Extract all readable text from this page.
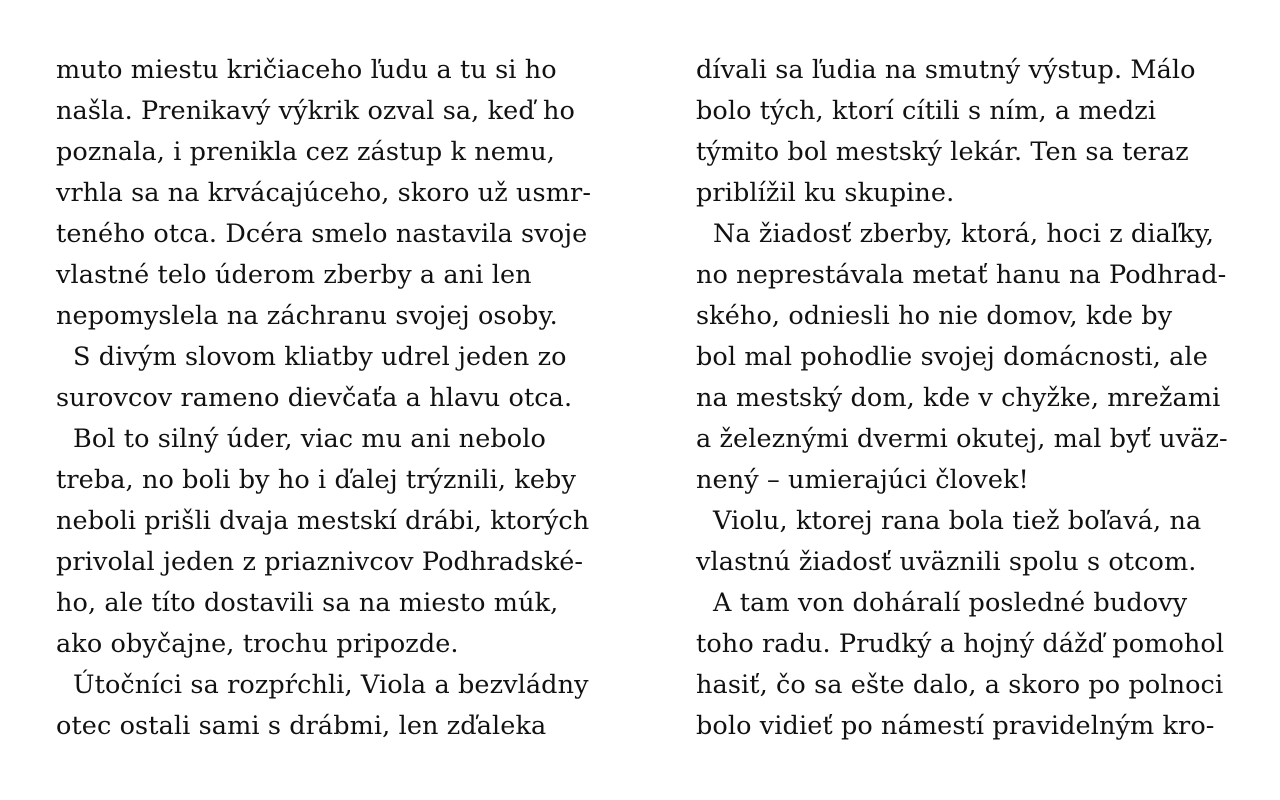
muto miestu kričiaceho ľudu a tu si ho
našla. Prenikavý výkrik ozval sa, keď ho
poznala, i prenikla cez zástup k nemu,
vrhla sa na krvácajúceho, skoro už usmr-
teného otca. Dcéra smelo nastavila svoje
vlastné telo úderom zberby a ani len
nepomyslela na záchranu svojej osoby.
S divým slovom kliatby udrel jeden zo
surovcov rameno dievčaťa a hlavu otca.
Bol to silný úder, viac mu ani nebolo
treba, no boli by ho i ďalej trýznili, keby
neboli prišli dvaja mestskí drábi, ktorých
privolal jeden z priaznivcov Podhradské-
ho, ale títo dostavili sa na miesto múk,
ako obyčajne, trochu pripozde.
Útočníci sa rozpŕchli, Viola a bezvládny
otec ostali sami s drábmi, len zďaleka
dívali sa ľudia na smutný výstup. Málo
bolo tých, ktorí cítili s ním, a medzi
týmito bol mestský lekár. Ten sa teraz
priblížil ku skupine.
Na žiadosť zberby, ktorá, hoci z diaľky,
no neprestávala metať hanu na Podhrad-
ského, odniesli ho nie domov, kde by
bol mal pohodlie svojej domácnosti, ale
na mestský dom, kde v chyžke, mrežami
a železnými dvermi okutej, mal byť uväz-
nený – umierajúci človek!
Violu, ktorej rana bola tiež boľavá, na
vlastnú žiadosť uväznili spolu s otcom.
A tam von doháralí posledné budovy
toho radu. Prudký a hojný dážď pomohol
hasiť, čo sa ešte dalo, a skoro po polnoci
bolo vidieť po námestí pravidelným kro-
